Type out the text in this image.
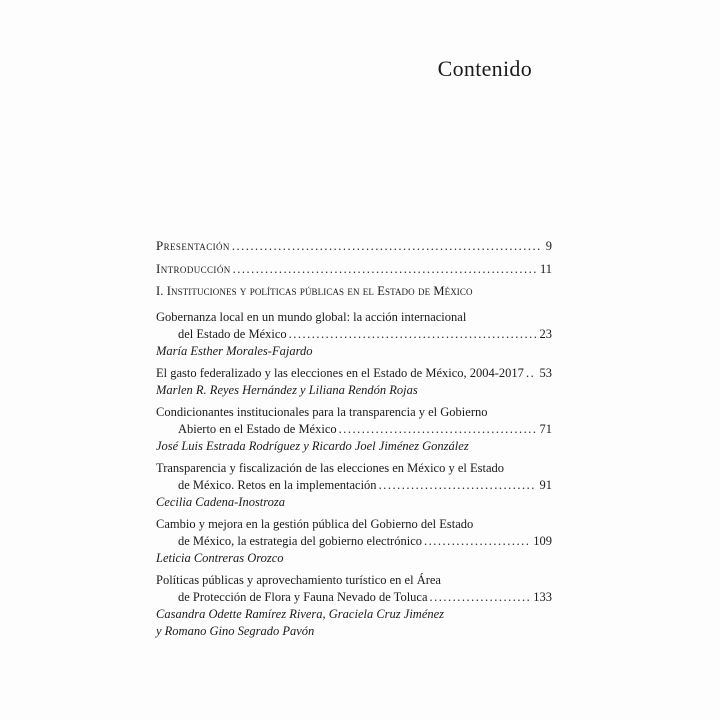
Contenido
Presentación .....	9
Introducción .....	11
I. Instituciones y políticas públicas en el Estado de México
Gobernanza local en un mundo global: la acción internacional
del Estado de México .....	23
María Esther Morales-Fajardo
El gasto federalizado y las elecciones en el Estado de México, 2004-2017 ..... 53
Marlen R. Reyes Hernández y Liliana Rendón Rojas
Condicionantes institucionales para la transparencia y el Gobierno
Abierto en el Estado de México .....	71
José Luis Estrada Rodríguez y Ricardo Joel Jiménez González
Transparencia y fiscalización de las elecciones en México y el Estado
de México. Retos en la implementación .....	91
Cecilia Cadena-Inostroza
Cambio y mejora en la gestión pública del Gobierno del Estado
de México, la estrategia del gobierno electrónico .....	109
Leticia Contreras Orozco
Políticas públicas y aprovechamiento turístico en el Área
de Protección de Flora y Fauna Nevado de Toluca .....	133
Casandra Odette Ramírez Rivera, Graciela Cruz Jiménez
y Romano Gino Segrado Pavón
